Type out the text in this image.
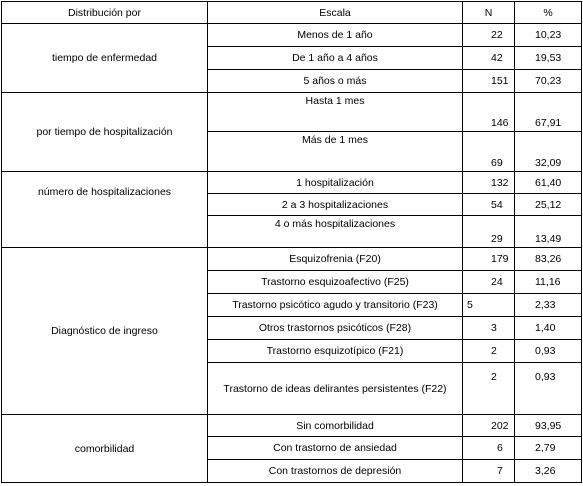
Distribución por	Escala	N	%
tiempo de enfermedad	Menos de 1 año	22	10,23
	De 1 año a 4 años	42	19,53
	5 años o más	151	70,23
por tiempo de hospitalización	Hasta 1 mes	146	67,91
	Más de 1 mes	69	32,09
número de hospitalizaciones	1 hospitalización	132	61,40
	2 a 3 hospitalizaciones	54	25,12
	4 o más hospitalizaciones	29	13,49
Diagnóstico de ingreso	Esquizofrenia (F20)	179	83,26
	Trastorno esquizoafectivo (F25)	24	11,16
	Trastorno psicótico agudo y transitorio (F23)	5	2,33
	Otros trastornos psicóticos (F28)	3	1,40
	Trastorno esquizotípico (F21)	2	0,93
	Trastorno de ideas delirantes persistentes (F22)	2	0,93
comorbilidad	Sin comorbilidad	202	93,95
	Con trastorno de ansiedad	6	2,79
	Con trastornos de depresión	7	3,26
